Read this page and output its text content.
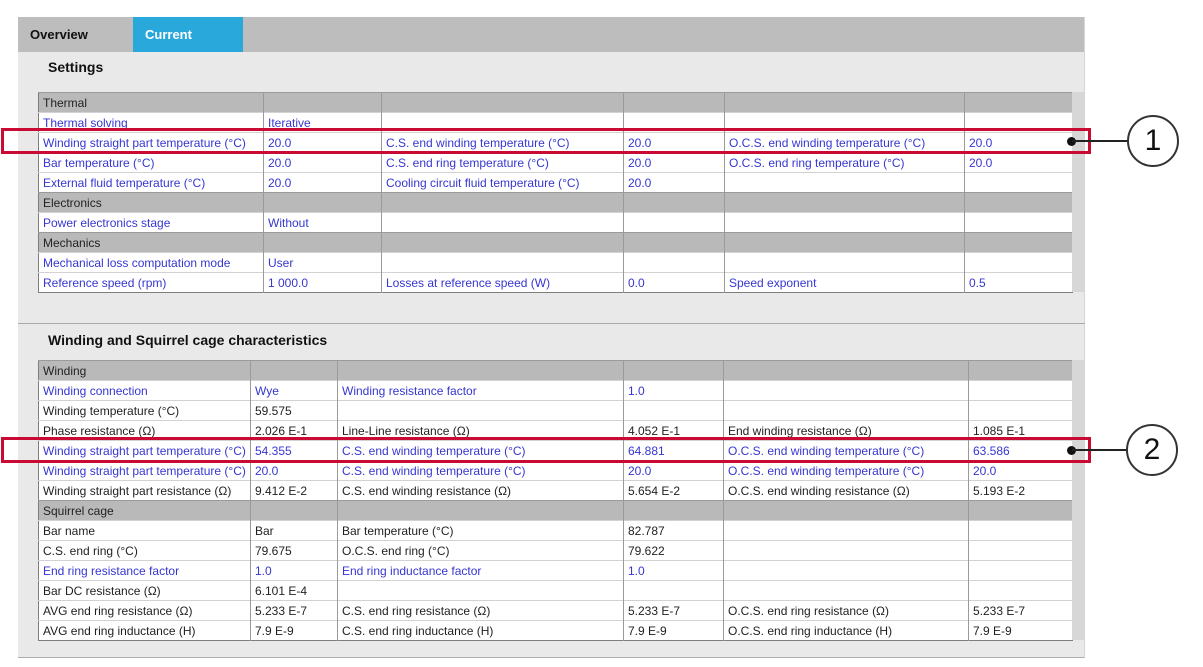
Overview	Current
Settings
Thermal					
Thermal solving	Iterative				
Winding straight part temperature (°C)	20.0	C.S. end winding temperature (°C)	20.0	O.C.S. end winding temperature (°C)	20.0
Bar temperature (°C)	20.0	C.S. end ring temperature (°C)	20.0	O.C.S. end ring temperature (°C)	20.0
External fluid temperature (°C)	20.0	Cooling circuit fluid temperature (°C)	20.0		
Electronics					
Power electronics stage	Without				
Mechanics					
Mechanical loss computation mode	User				
Reference speed (rpm)	1 000.0	Losses at reference speed (W)	0.0	Speed exponent	0.5
Winding and Squirrel cage characteristics
Winding					
Winding connection	Wye	Winding resistance factor	1.0		
Winding temperature (°C)	59.575				
Phase resistance (Ω)	2.026 E-1	Line-Line resistance (Ω)	4.052 E-1	End winding resistance (Ω)	1.085 E-1
Winding straight part temperature (°C)	54.355	C.S. end winding temperature (°C)	64.881	O.C.S. end winding temperature (°C)	63.586
Winding straight part temperature (°C)	20.0	C.S. end winding temperature (°C)	20.0	O.C.S. end winding temperature (°C)	20.0
Winding straight part resistance (Ω)	9.412 E-2	C.S. end winding resistance (Ω)	5.654 E-2	O.C.S. end winding resistance (Ω)	5.193 E-2
Squirrel cage					
Bar name	Bar	Bar temperature (°C)	82.787		
C.S. end ring (°C)	79.675	O.C.S. end ring (°C)	79.622		
End ring resistance factor	1.0	End ring inductance factor	1.0		
Bar DC resistance (Ω)	6.101 E-4				
AVG end ring resistance (Ω)	5.233 E-7	C.S. end ring resistance (Ω)	5.233 E-7	O.C.S. end ring resistance (Ω)	5.233 E-7
AVG end ring inductance (H)	7.9 E-9	C.S. end ring inductance (H)	7.9 E-9	O.C.S. end ring inductance (H)	7.9 E-9
1
2
